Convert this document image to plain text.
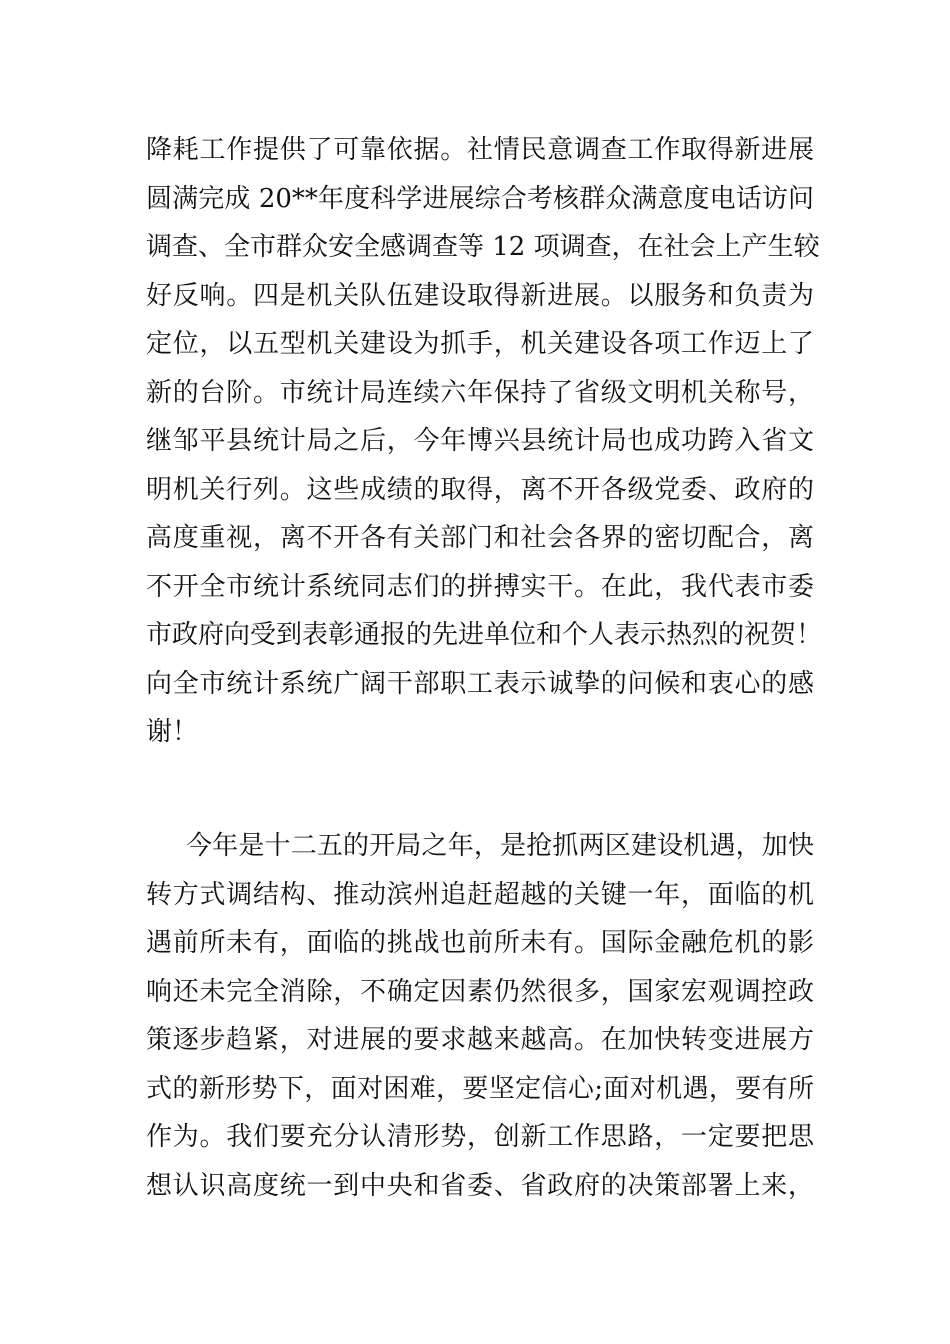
降耗工作提供了可靠依据。社情民意调查工作取得新进展
圆满完成 20**年度科学进展综合考核群众满意度电话访问
调查、全市群众安全感调查等 12 项调查，在社会上产生较
好反响。四是机关队伍建设取得新进展。以服务和负责为
定位，以五型机关建设为抓手，机关建设各项工作迈上了
新的台阶。市统计局连续六年保持了省级文明机关称号，
继邹平县统计局之后，今年博兴县统计局也成功跨入省文
明机关行列。这些成绩的取得，离不开各级党委、政府的
高度重视，离不开各有关部门和社会各界的密切配合，离
不开全市统计系统同志们的拼搏实干。在此，我代表市委
市政府向受到表彰通报的先进单位和个人表示热烈的祝贺！
向全市统计系统广阔干部职工表示诚挚的问候和衷心的感
谢！
今年是十二五的开局之年，是抢抓两区建设机遇，加快
转方式调结构、推动滨州追赶超越的关键一年，面临的机
遇前所未有，面临的挑战也前所未有。国际金融危机的影
响还未完全消除，不确定因素仍然很多，国家宏观调控政
策逐步趋紧，对进展的要求越来越高。在加快转变进展方
式的新形势下，面对困难，要坚定信心;面对机遇，要有所
作为。我们要充分认清形势，创新工作思路，一定要把思
想认识高度统一到中央和省委、省政府的决策部署上来，
